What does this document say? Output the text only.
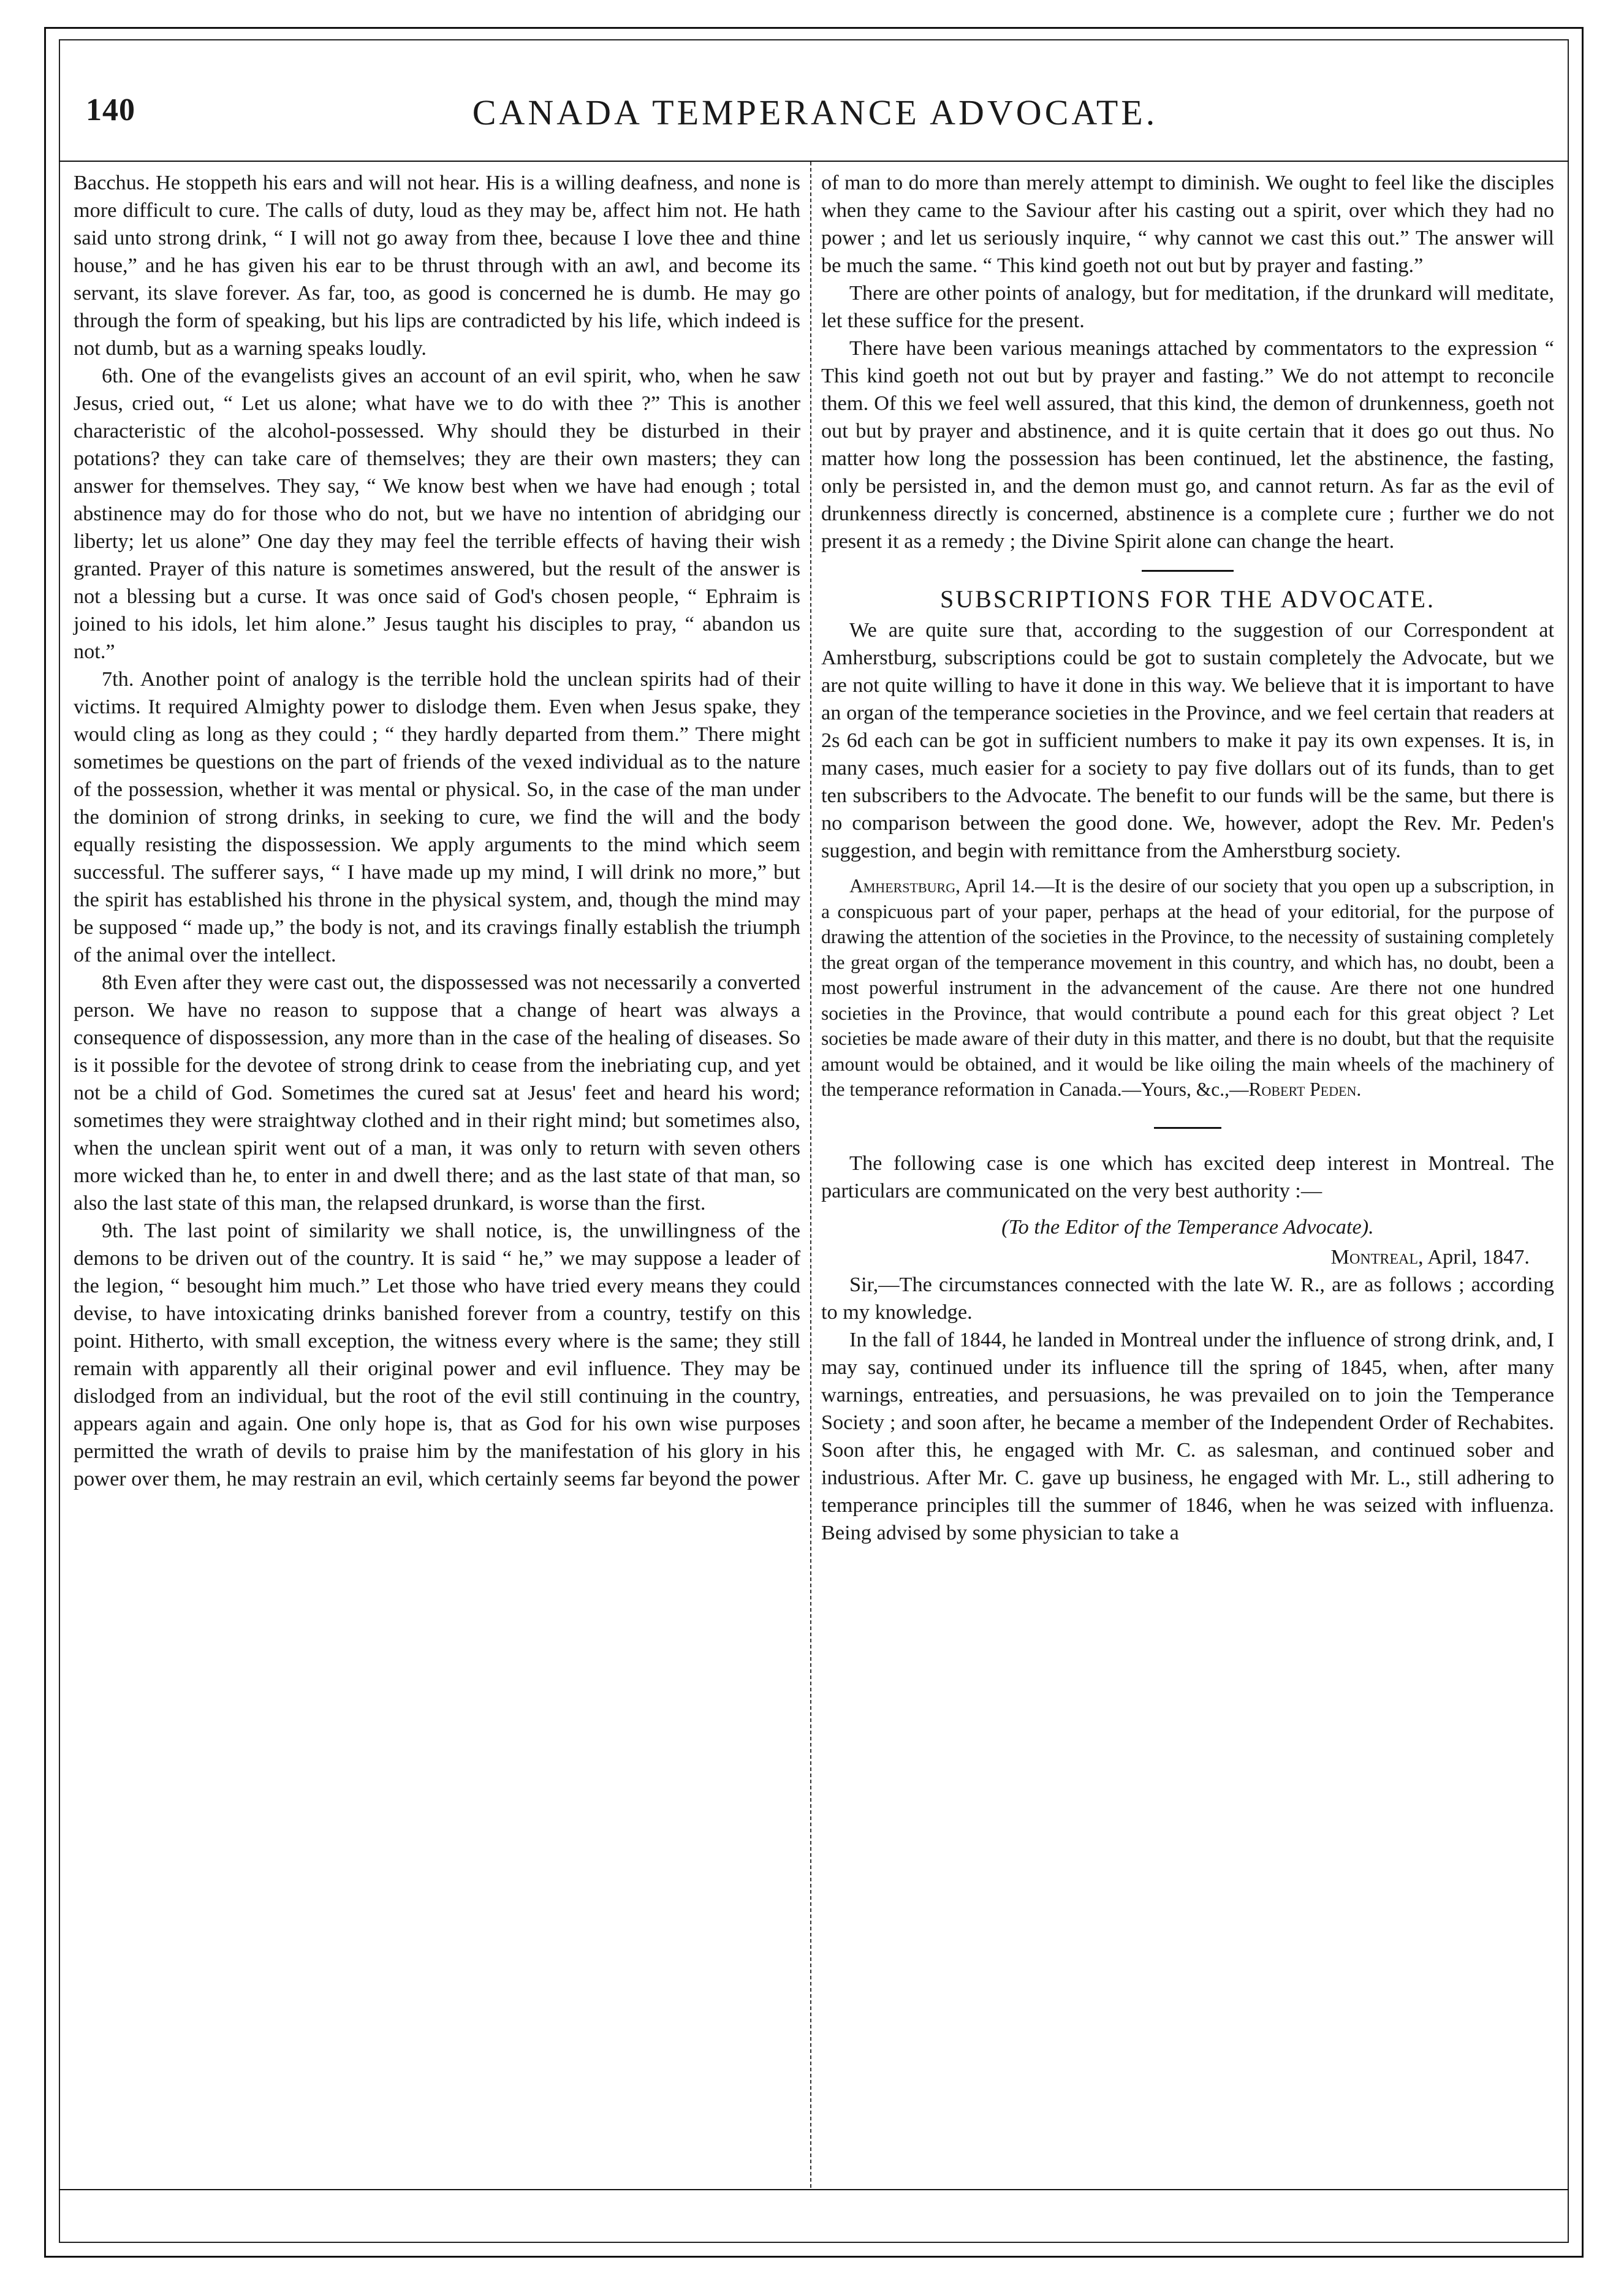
140	CANADA TEMPERANCE ADVOCATE.

Bacchus. He stoppeth his ears and will not hear. His is a willing deafness, and none is more difficult to cure. The calls of duty, loud as they may be, affect him not. He hath said unto strong drink, “ I will not go away from thee, because I love thee and thine house,” and he has given his ear to be thrust through with an awl, and become its servant, its slave forever. As far, too, as good is concerned he is dumb. He may go through the form of speaking, but his lips are contradicted by his life, which indeed is not dumb, but as a warning speaks loudly.

6th. One of the evangelists gives an account of an evil spirit, who, when he saw Jesus, cried out, “ Let us alone; what have we to do with thee ?” This is another characteristic of the alcohol-possessed. Why should they be disturbed in their potations? they can take care of themselves; they are their own masters; they can answer for themselves. They say, “ We know best when we have had enough ; total abstinence may do for those who do not, but we have no intention of abridging our liberty; let us alone” One day they may feel the terrible effects of having their wish granted. Prayer of this nature is sometimes answered, but the result of the answer is not a blessing but a curse. It was once said of God's chosen people, “ Ephraim is joined to his idols, let him alone.” Jesus taught his disciples to pray, “ abandon us not.”

7th. Another point of analogy is the terrible hold the unclean spirits had of their victims. It required Almighty power to dislodge them. Even when Jesus spake, they would cling as long as they could ; “ they hardly departed from them.” There might sometimes be questions on the part of friends of the vexed individual as to the nature of the possession, whether it was mental or physical. So, in the case of the man under the dominion of strong drinks, in seeking to cure, we find the will and the body equally resisting the dispossession. We apply arguments to the mind which seem successful. The sufferer says, “ I have made up my mind, I will drink no more,” but the spirit has established his throne in the physical system, and, though the mind may be supposed “ made up,” the body is not, and its cravings finally establish the triumph of the animal over the intellect.

8th Even after they were cast out, the dispossessed was not necessarily a converted person. We have no reason to suppose that a change of heart was always a consequence of dispossession, any more than in the case of the healing of diseases. So is it possible for the devotee of strong drink to cease from the inebriating cup, and yet not be a child of God. Sometimes the cured sat at Jesus' feet and heard his word; sometimes they were straightway clothed and in their right mind; but sometimes also, when the unclean spirit went out of a man, it was only to return with seven others more wicked than he, to enter in and dwell there; and as the last state of that man, so also the last state of this man, the relapsed drunkard, is worse than the first.

9th. The last point of similarity we shall notice, is, the unwillingness of the demons to be driven out of the country. It is said “ he,” we may suppose a leader of the legion, “ besought him much.” Let those who have tried every means they could devise, to have intoxicating drinks banished forever from a country, testify on this point. Hitherto, with small exception, the witness every where is the same; they still remain with apparently all their original power and evil influence. They may be dislodged from an individual, but the root of the evil still continuing in the country, appears again and again. One only hope is, that as God for his own wise purposes permitted the wrath of devils to praise him by the manifestation of his glory in his power over them, he may restrain an evil, which certainly seems far beyond the power

of man to do more than merely attempt to diminish. We ought to feel like the disciples when they came to the Saviour after his casting out a spirit, over which they had no power ; and let us seriously inquire, “ why cannot we cast this out.” The answer will be much the same. “ This kind goeth not out but by prayer and fasting.”

There are other points of analogy, but for meditation, if the drunkard will meditate, let these suffice for the present.

There have been various meanings attached by commentators to the expression “ This kind goeth not out but by prayer and fasting.” We do not attempt to reconcile them. Of this we feel well assured, that this kind, the demon of drunkenness, goeth not out but by prayer and abstinence, and it is quite certain that it does go out thus. No matter how long the possession has been continued, let the abstinence, the fasting, only be persisted in, and the demon must go, and cannot return. As far as the evil of drunkenness directly is concerned, abstinence is a complete cure ; further we do not present it as a remedy ; the Divine Spirit alone can change the heart.

SUBSCRIPTIONS FOR THE ADVOCATE.

We are quite sure that, according to the suggestion of our Correspondent at Amherstburg, subscriptions could be got to sustain completely the Advocate, but we are not quite willing to have it done in this way. We believe that it is important to have an organ of the temperance societies in the Province, and we feel certain that readers at 2s 6d each can be got in sufficient numbers to make it pay its own expenses. It is, in many cases, much easier for a society to pay five dollars out of its funds, than to get ten subscribers to the Advocate. The benefit to our funds will be the same, but there is no comparison between the good done. We, however, adopt the Rev. Mr. Peden's suggestion, and begin with remittance from the Amherstburg society.

Amherstburg, April 14.—It is the desire of our society that you open up a subscription, in a conspicuous part of your paper, perhaps at the head of your editorial, for the purpose of drawing the attention of the societies in the Province, to the necessity of sustaining completely the great organ of the temperance movement in this country, and which has, no doubt, been a most powerful instrument in the advancement of the cause. Are there not one hundred societies in the Province, that would contribute a pound each for this great object ? Let societies be made aware of their duty in this matter, and there is no doubt, but that the requisite amount would be obtained, and it would be like oiling the main wheels of the machinery of the temperance reformation in Canada.—Yours, &c.,—Robert Peden.

The following case is one which has excited deep interest in Montreal. The particulars are communicated on the very best authority :—

(To the Editor of the Temperance Advocate).
Montreal, April, 1847.

Sir,—The circumstances connected with the late W. R., are as follows ; according to my knowledge.

In the fall of 1844, he landed in Montreal under the influence of strong drink, and, I may say, continued under its influence till the spring of 1845, when, after many warnings, entreaties, and persuasions, he was prevailed on to join the Temperance Society ; and soon after, he became a member of the Independent Order of Rechabites. Soon after this, he engaged with Mr. C. as salesman, and continued sober and industrious. After Mr. C. gave up business, he engaged with Mr. L., still adhering to temperance principles till the summer of 1846, when he was seized with influenza. Being advised by some physician to take a
